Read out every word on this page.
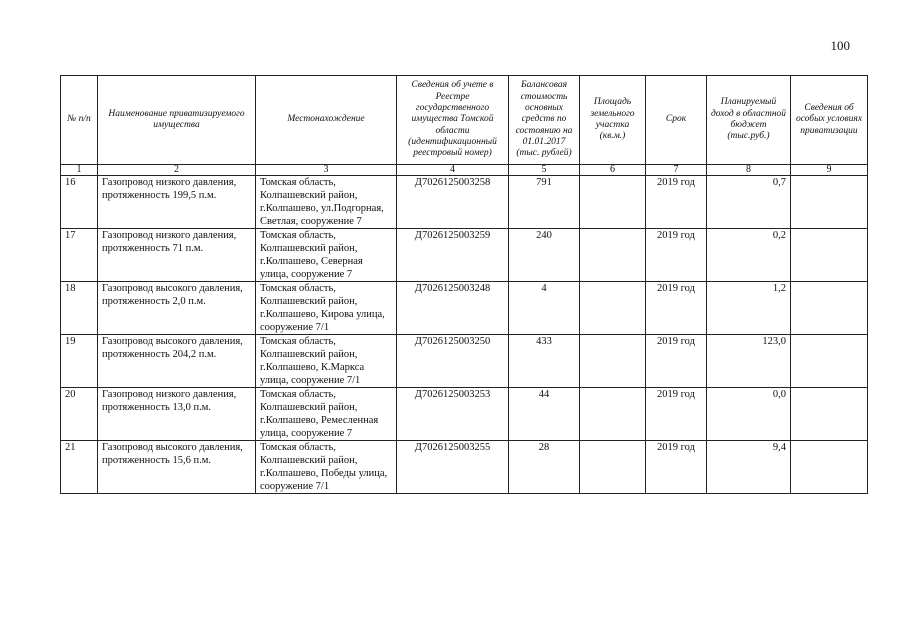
100
№ п/п	Наименование приватизируемого имущества	Местонахождение	Сведения об учете в Реестре государственного имущества Томской области (идентификационный реестровый номер)	Балансовая стоимость основных средств по состоянию на 01.01.2017 (тыс. рублей)	Площадь земельного участка (кв.м.)	Срок	Планируемый доход в областной бюджет (тыс.руб.)	Сведения об особых условиях приватизации
1	2	3	4	5	6	7	8	9
16	Газопровод низкого давления, протяженность 199,5 п.м.	Томская область, Колпашевский район, г.Колпашево, ул.Подгорная, Светлая, сооружение 7	Д7026125003258	791		2019 год	0,7	
17	Газопровод низкого давления, протяженность 71 п.м.	Томская область, Колпашевский район, г.Колпашево, Северная улица, сооружение 7	Д7026125003259	240		2019 год	0,2	
18	Газопровод высокого давления, протяженность 2,0 п.м.	Томская область, Колпашевский район, г.Колпашево, Кирова улица, сооружение 7/1	Д7026125003248	4		2019 год	1,2	
19	Газопровод высокого давления, протяженность 204,2 п.м.	Томская область, Колпашевский район, г.Колпашево, К.Маркса улица, сооружение 7/1	Д7026125003250	433		2019 год	123,0	
20	Газопровод низкого давления, протяженность 13,0 п.м.	Томская область, Колпашевский район, г.Колпашево, Ремесленная улица, сооружение 7	Д7026125003253	44		2019 год	0,0	
21	Газопровод высокого давления, протяженность 15,6 п.м.	Томская область, Колпашевский район, г.Колпашево, Победы улица, сооружение 7/1	Д7026125003255	28		2019 год	9,4	
